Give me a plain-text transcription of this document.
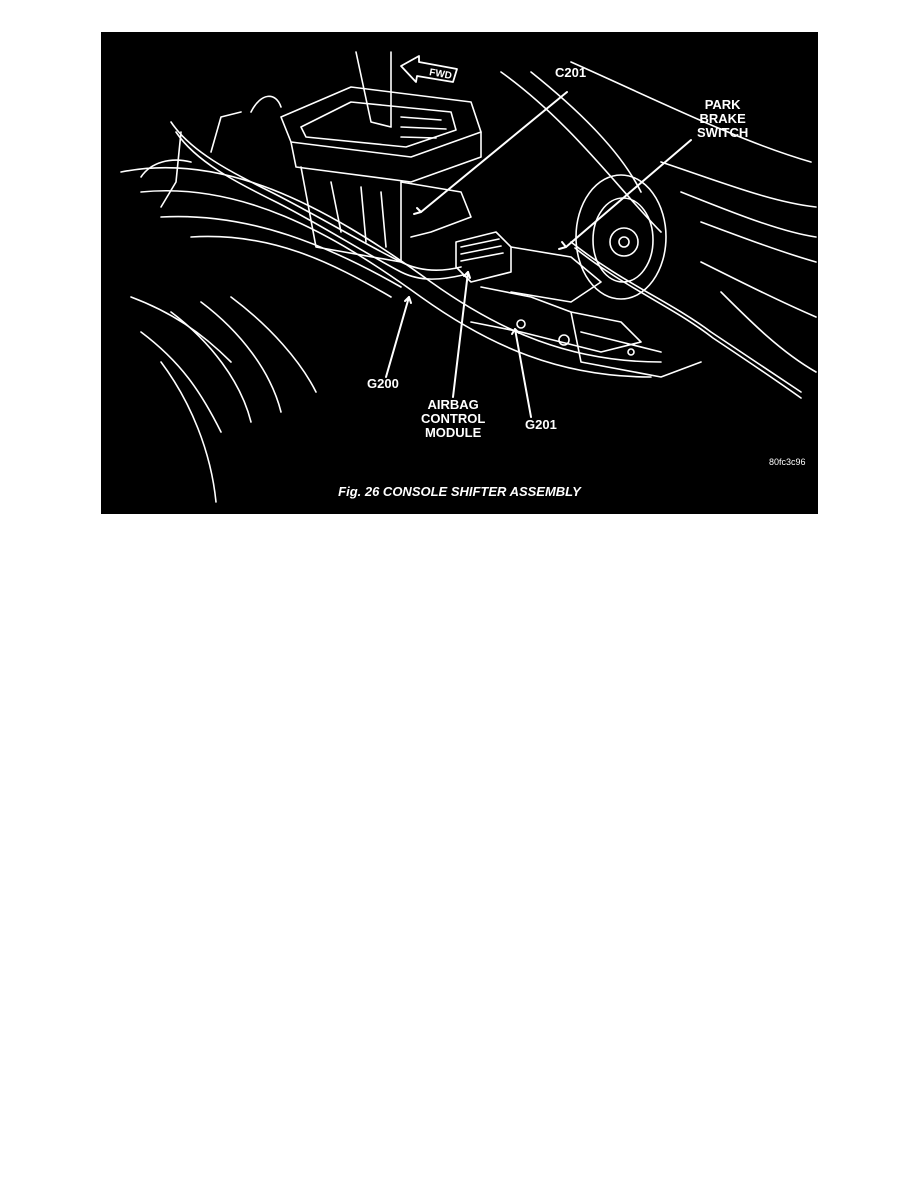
FWD	C201
PARK
BRAKE
SWITCH
G200
AIRBAG
CONTROL
MODULE
G201
80fc3c96
Fig. 26 CONSOLE SHIFTER ASSEMBLY
